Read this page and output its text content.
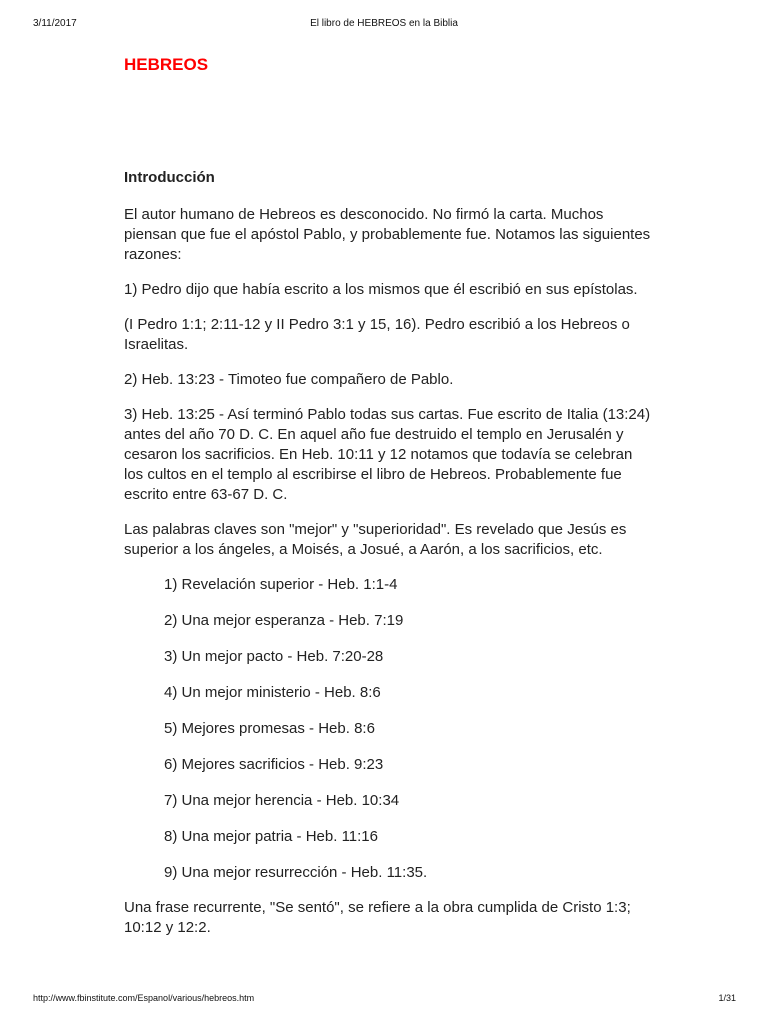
3/11/2017	El libro de HEBREOS en la Biblia
HEBREOS
Introducción

El autor humano de Hebreos es desconocido. No firmó la carta. Muchos piensan que fue el apóstol Pablo, y probablemente fue. Notamos las siguientes razones:

1) Pedro dijo que había escrito a los mismos que él escribió en sus epístolas.

(I Pedro 1:1; 2:11-12 y II Pedro 3:1 y 15, 16). Pedro escribió a los Hebreos o Israelitas.

2) Heb. 13:23 - Timoteo fue compañero de Pablo.

3) Heb. 13:25 - Así terminó Pablo todas sus cartas. Fue escrito de Italia (13:24) antes del año 70 D. C. En aquel año fue destruido el templo en Jerusalén y cesaron los sacrificios. En Heb. 10:11 y 12 notamos que todavía se celebran los cultos en el templo al escribirse el libro de Hebreos. Probablemente fue escrito entre 63-67 D. C.

Las palabras claves son "mejor" y "superioridad". Es revelado que Jesús es superior a los ángeles, a Moisés, a Josué, a Aarón, a los sacrificios, etc.

1) Revelación superior - Heb. 1:1-4
2) Una mejor esperanza - Heb. 7:19
3) Un mejor pacto - Heb. 7:20-28
4) Un mejor ministerio - Heb. 8:6
5) Mejores promesas - Heb. 8:6
6) Mejores sacrificios - Heb. 9:23
7) Una mejor herencia - Heb. 10:34
8) Una mejor patria - Heb. 11:16
9) Una mejor resurrección - Heb. 11:35.

Una frase recurrente, "Se sentó", se refiere a la obra cumplida de Cristo 1:3; 10:12 y 12:2.

http://www.fbinstitute.com/Espanol/various/hebreos.htm	1/31
